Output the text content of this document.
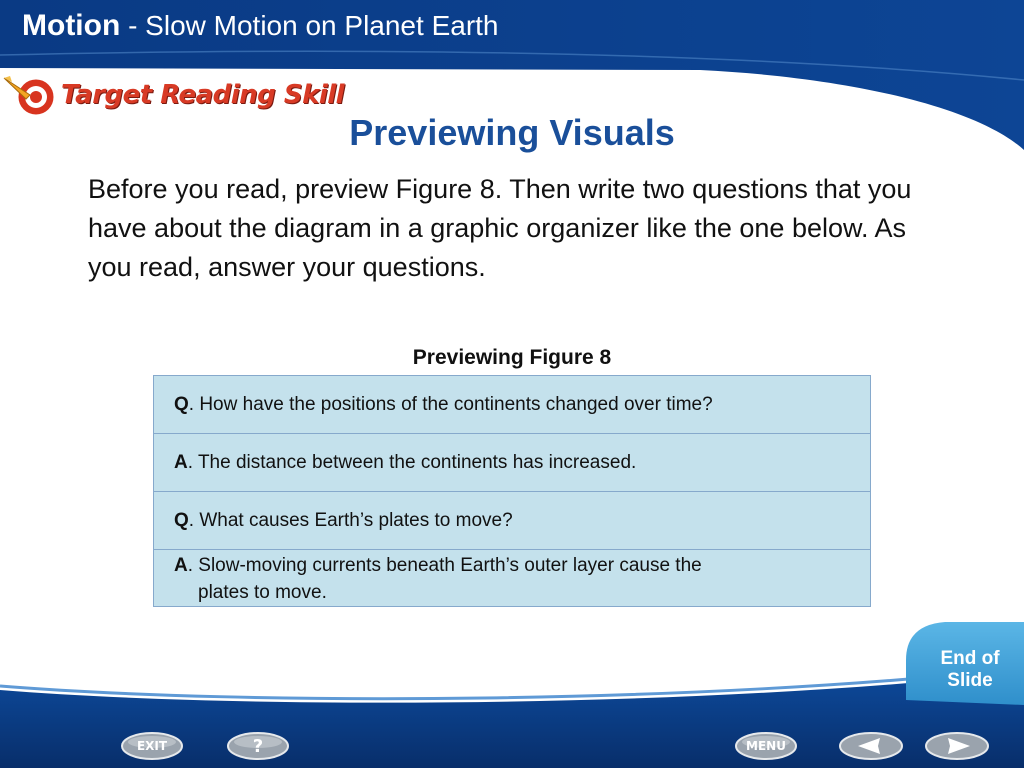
Motion - Slow Motion on Planet Earth
Target Reading Skill
Previewing Visuals
Before you read, preview Figure 8. Then write two questions that you have about the diagram in a graphic organizer like the one below. As you read, answer your questions.
Previewing Figure 8
Q. How have the positions of the continents changed over time?
A. The distance between the continents has increased.
Q. What causes Earth’s plates to move?
A. Slow-moving currents beneath Earth’s outer layer cause the
plates to move.
End of
Slide
EXIT	?	MENU
